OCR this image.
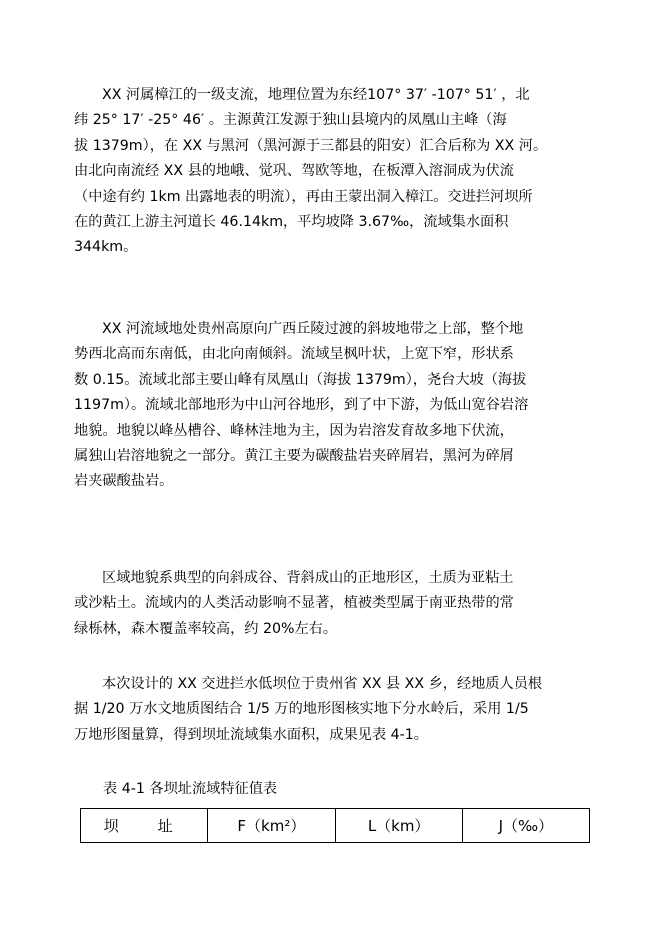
XX 河属樟江的一级支流，地理位置为东经107° 37′ -107° 51′ ，北
纬 25° 17′ -25° 46′ 。主源黄江发源于独山县境内的凤凰山主峰（海
拔 1379m），在 XX 与黑河（黑河源于三都县的阳安）汇合后称为 XX 河。
由北向南流经 XX 县的地峨、觉巩、驾欧等地，在板潭入溶洞成为伏流
（中途有约 1km 出露地表的明流），再由王蒙出洞入樟江。交进拦河坝所
在的黄江上游主河道长 46.14km，平均坡降 3.67‰，流域集水面积
344km。
XX 河流域地处贵州高原向广西丘陵过渡的斜坡地带之上部，整个地
势西北高而东南低，由北向南倾斜。流域呈枫叶状，上宽下窄，形状系
数 0.15。流域北部主要山峰有凤凰山（海拔 1379m），尧台大坡（海拔
1197m）。流域北部地形为中山河谷地形，到了中下游，为低山宽谷岩溶
地貌。地貌以峰丛槽谷、峰林洼地为主，因为岩溶发育故多地下伏流，
属独山岩溶地貌之一部分。黄江主要为碳酸盐岩夹碎屑岩，黑河为碎屑
岩夹碳酸盐岩。
区域地貌系典型的向斜成谷、背斜成山的正地形区，土质为亚粘土
或沙粘土。流域内的人类活动影响不显著，植被类型属于南亚热带的常
绿栎林，森木覆盖率较高，约 20%左右。
本次设计的 XX 交进拦水低坝位于贵州省 XX 县 XX 乡，经地质人员根
据 1/20 万水文地质图结合 1/5 万的地形图核实地下分水岭后，采用 1/5
万地形图量算，得到坝址流域集水面积，成果见表 4-1。

表 4-1 各坝址流域特征值表

坝　址	F（km²）	L（km）	J（‰）
